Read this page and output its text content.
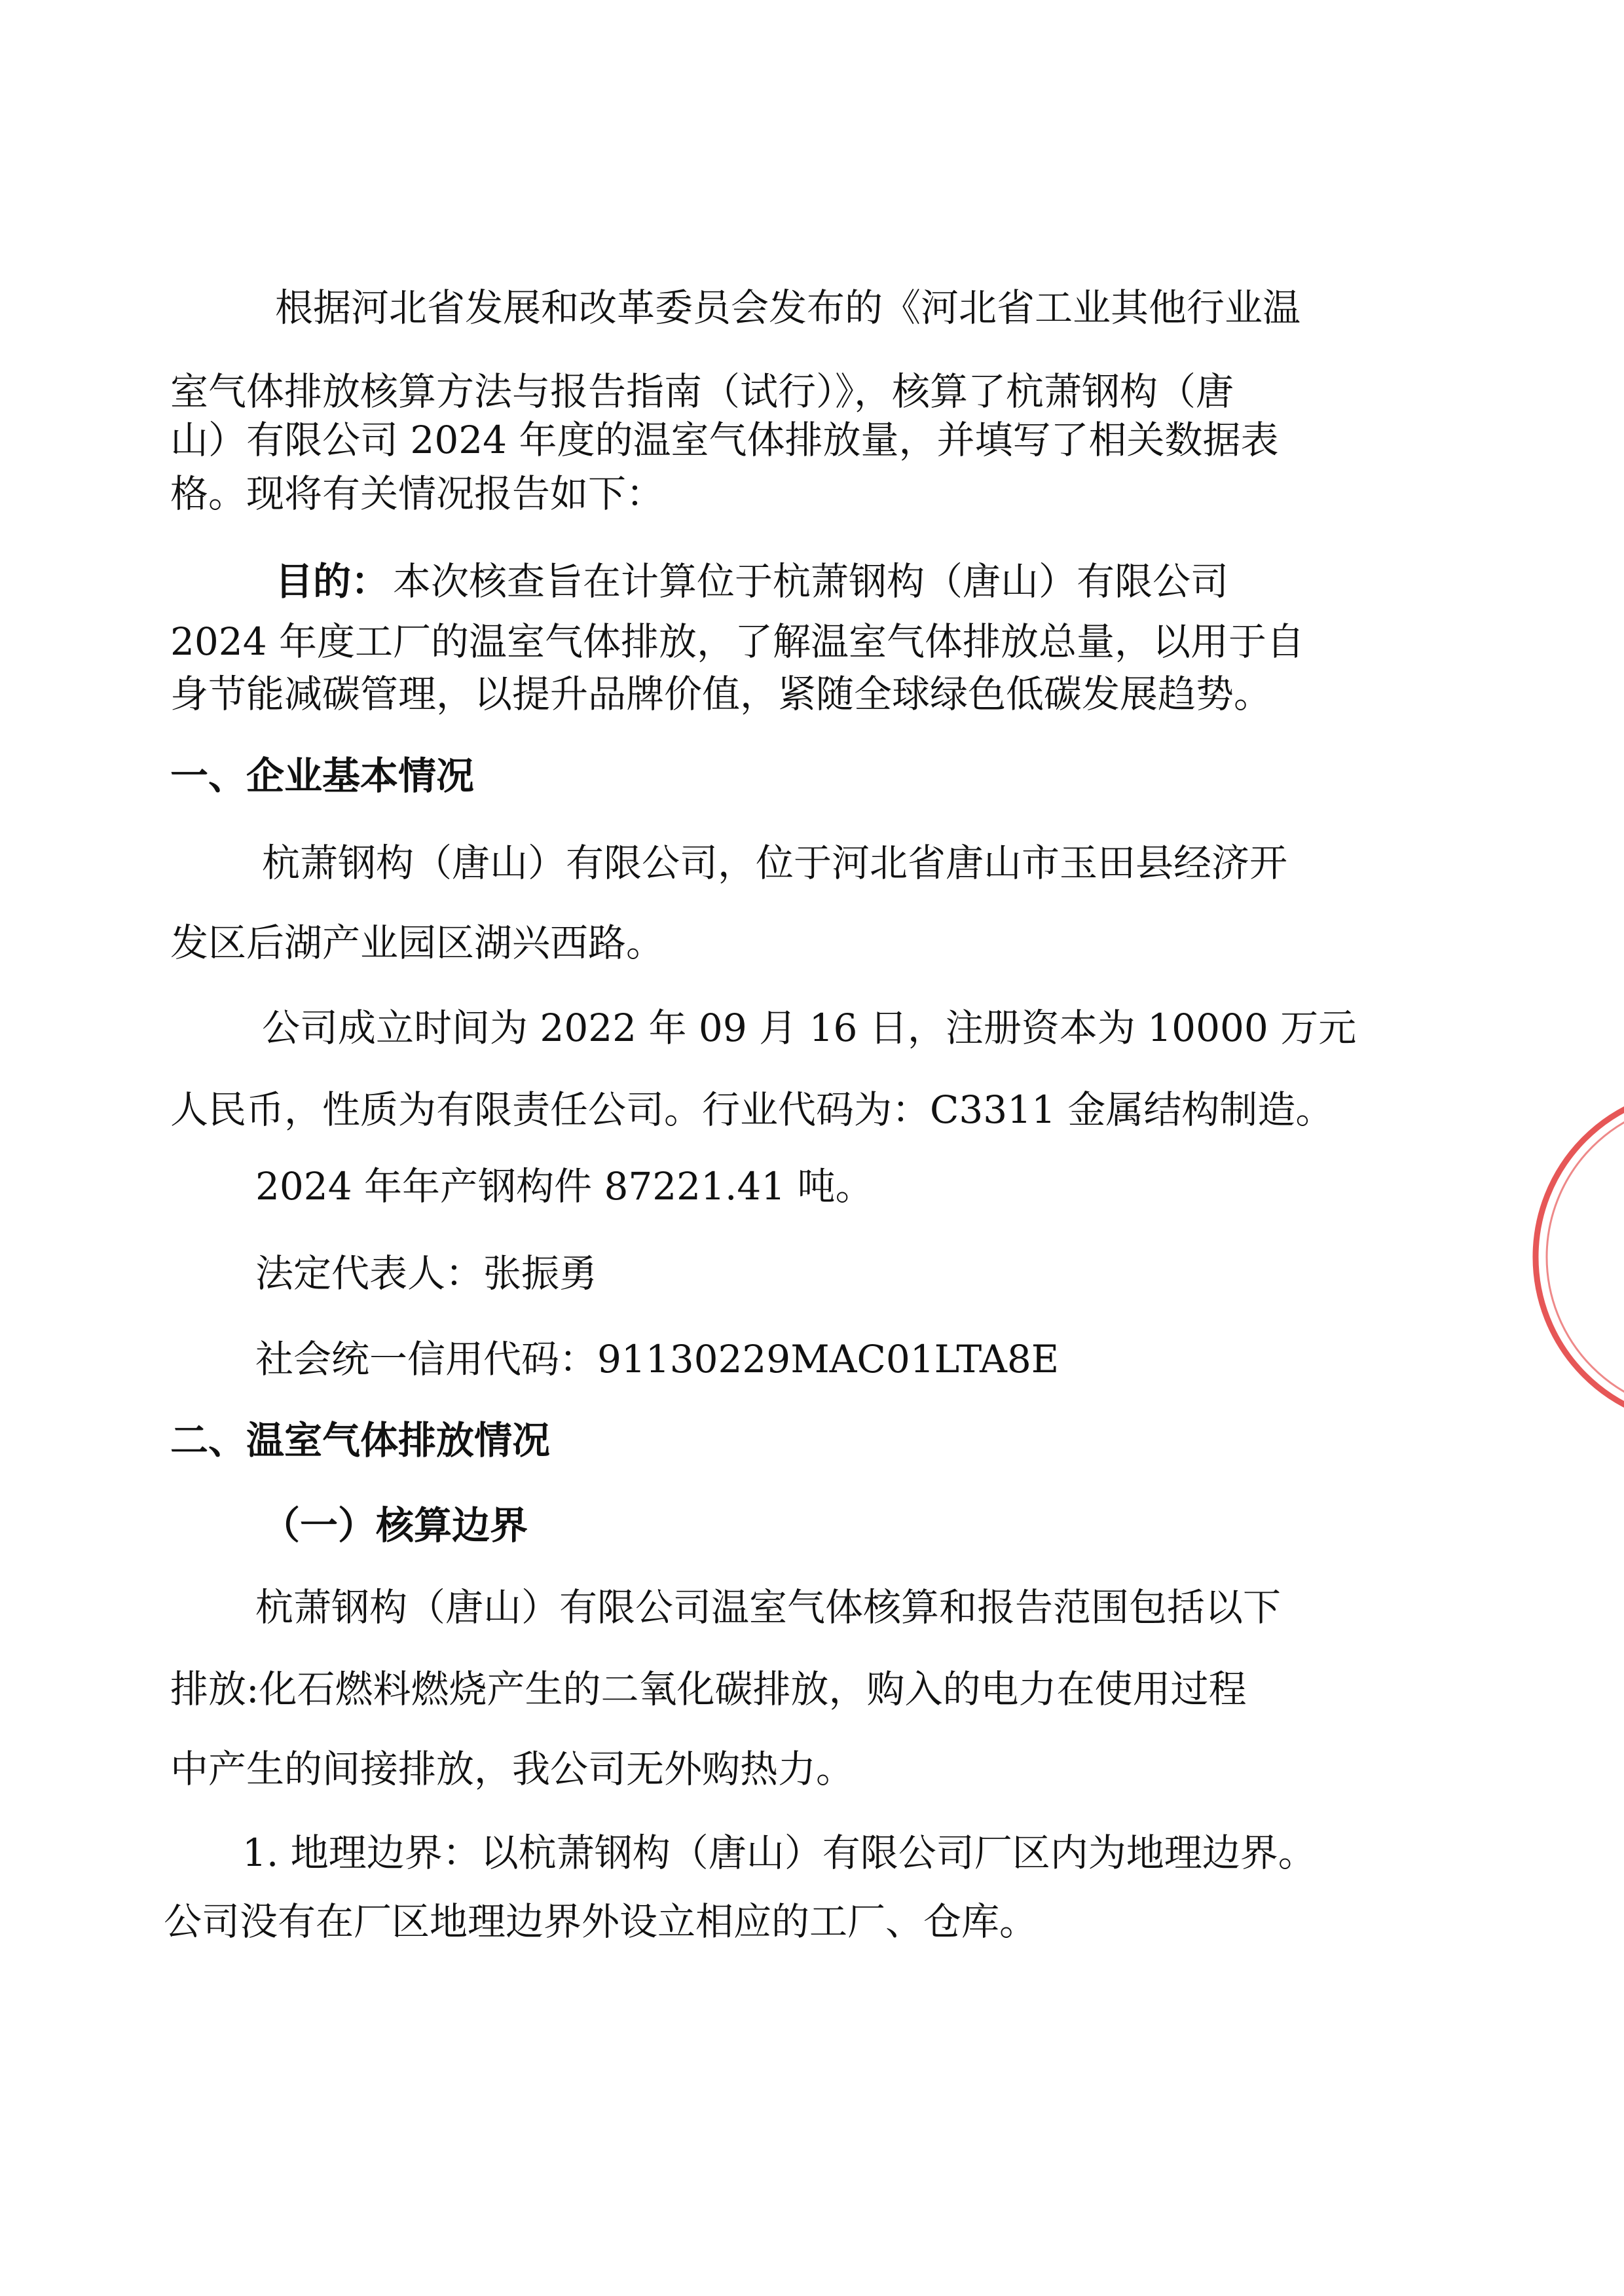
根据河北省发展和改革委员会发布的《河北省工业其他行业温

室气体排放核算方法与报告指南（试行）》，核算了杭萧钢构（唐

山）有限公司 2024 年度的温室气体排放量，并填写了相关数据表

格。现将有关情况报告如下：

目的： 本次核查旨在计算位于杭萧钢构（唐山）有限公司

2024 年度工厂的温室气体排放，了解温室气体排放总量，以用于自

身节能减碳管理，以提升品牌价值，紧随全球绿色低碳发展趋势。

一、企业基本情况

杭萧钢构（唐山）有限公司，位于河北省唐山市玉田县经济开

发区后湖产业园区湖兴西路。

公司成立时间为 2022 年 09 月 16 日，注册资本为 10000 万元

人民币，性质为有限责任公司。行业代码为：C3311 金属结构制造。

2024 年年产钢构件 87221.41 吨。

法定代表人：张振勇

社会统一信用代码：91130229MAC01LTA8E

二、温室气体排放情况

（一）核算边界

杭萧钢构（唐山）有限公司温室气体核算和报告范围包括以下

排放:化石燃料燃烧产生的二氧化碳排放，购入的电力在使用过程

中产生的间接排放，我公司无外购热力。

1. 地理边界：以杭萧钢构（唐山）有限公司厂区内为地理边界。

公司没有在厂区地理边界外设立相应的工厂、仓库。
